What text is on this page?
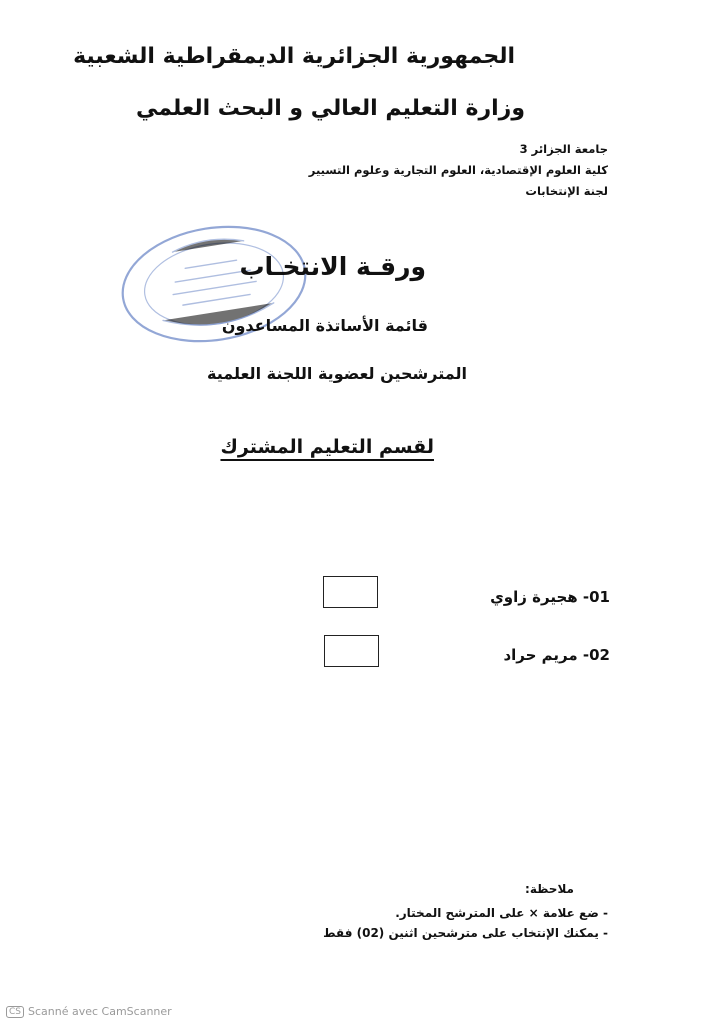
الجمهورية الجزائرية الديمقراطية الشعبية
وزارة التعليم العالي و البحث العلمي
جامعة الجزائر 3
كلية العلوم الإقتصادية، العلوم التجارية وعلوم التسيير
لجنة الإنتخابات
ورقـة الانتخـاب
قائمة الأساتذة المساعدون
المترشحين لعضوية اللجنة العلمية
لقسم التعليم المشترك
01- هجيرة زاوي
02- مريم حراد
ملاحظة:
- ضع علامة × على المترشح المختار.
- يمكنك الإنتخاب على مترشحين اثنين (02) فقط
CS Scanné avec CamScanner
